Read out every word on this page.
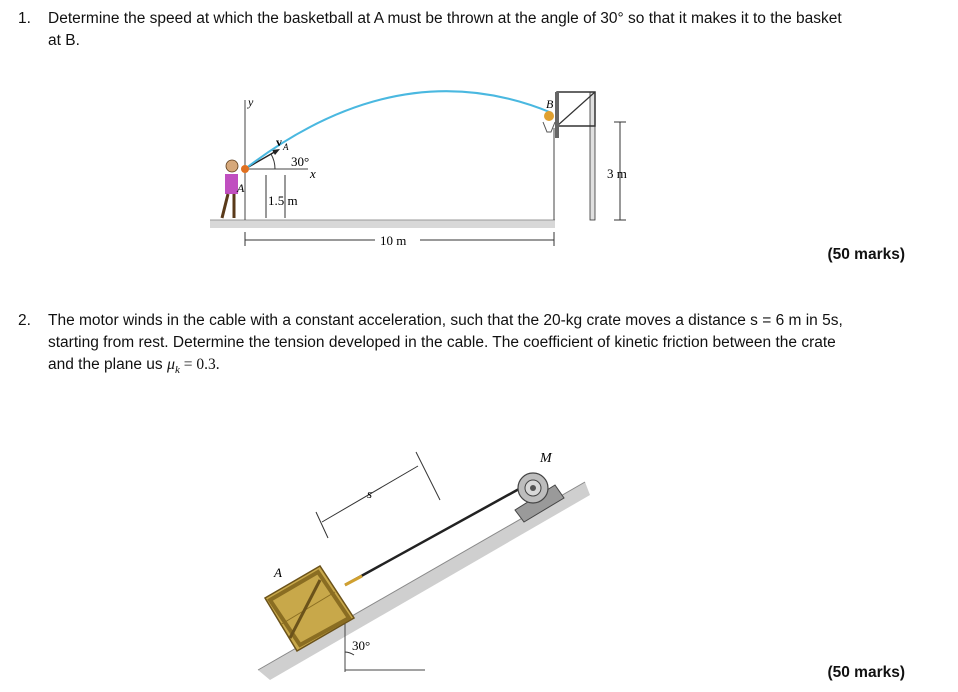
1. Determine the speed at which the basketball at A must be thrown at the angle of 30° so that it makes it to the basket
at B.
y
v A
30°
x
A
B
1.5 m
3 m
10 m
(50 marks)
2. The motor winds in the cable with a constant acceleration, such that the 20-kg crate moves a distance s = 6 m in 5s,
starting from rest. Determine the tension developed in the cable. The coefficient of kinetic friction between the crate
and the plane us $\mu_k = 0.3$.
M
s
A
30°
(50 marks)
